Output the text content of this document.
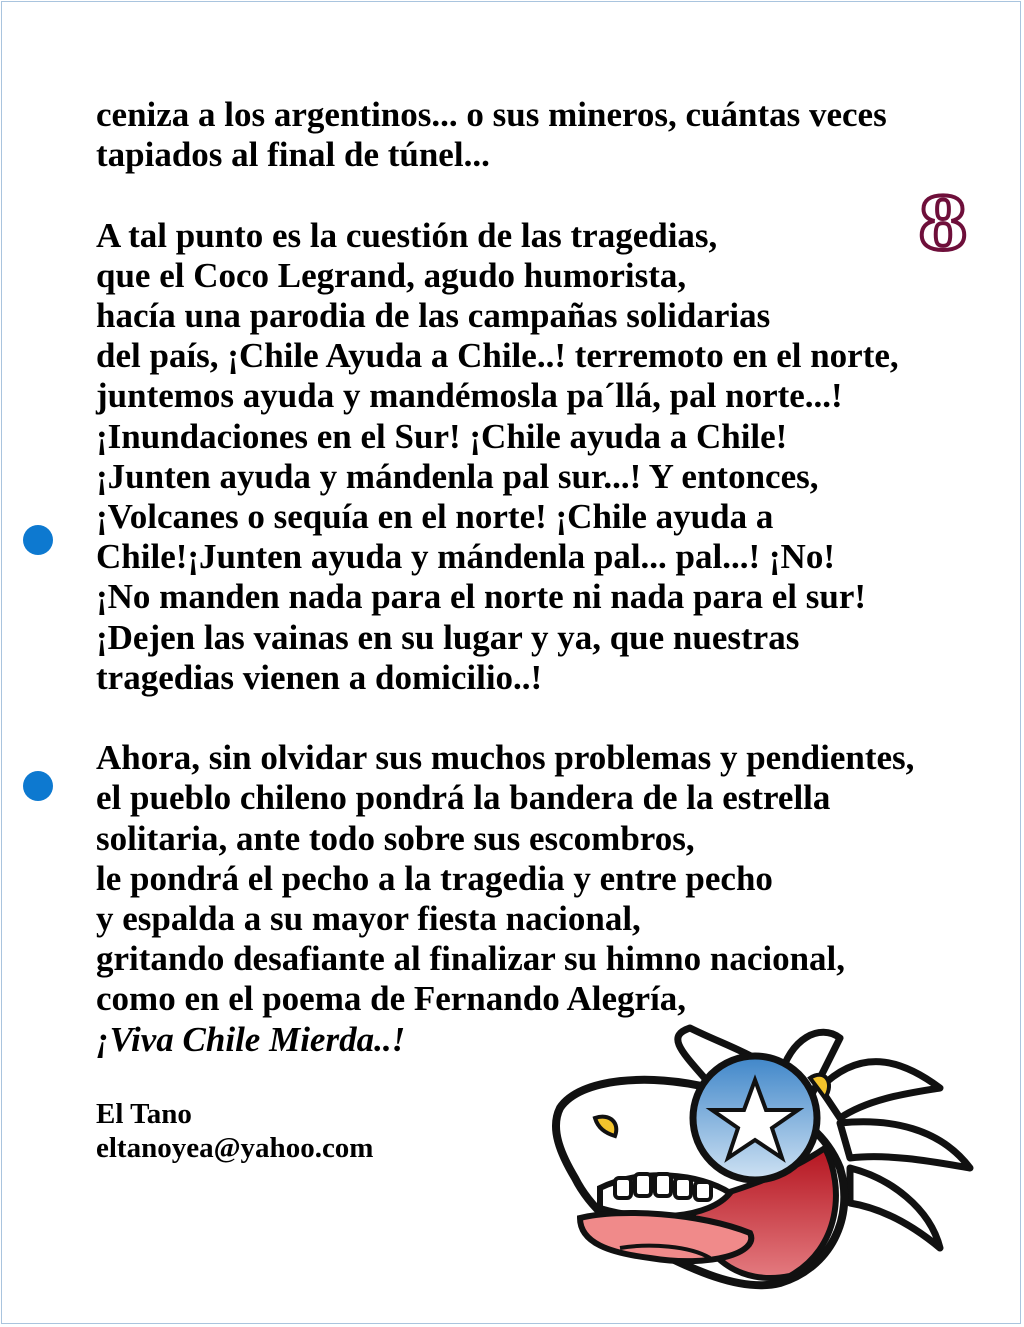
8
ceniza a los argentinos... o sus mineros, cuántas veces
tapiados al final de túnel...
A tal punto es la cuestión de las tragedias,
que el Coco Legrand, agudo humorista,
hacía una parodia de las campañas solidarias
del país, ¡Chile Ayuda a Chile..! terremoto en el norte,
juntemos ayuda y mandémosla pa´llá, pal norte...!
¡Inundaciones en el Sur! ¡Chile ayuda a Chile!
¡Junten ayuda y mándenla pal sur...! Y entonces,
¡Volcanes o sequía en el norte! ¡Chile ayuda a
Chile!¡Junten ayuda y mándenla pal... pal...! ¡No!
¡No manden nada para el norte ni nada para el sur!
¡Dejen las vainas en su lugar y ya, que nuestras
tragedias vienen a domicilio..!
Ahora, sin olvidar sus muchos problemas y pendientes,
el pueblo chileno pondrá la bandera de la estrella
solitaria, ante todo sobre sus escombros,
le pondrá el pecho a la tragedia y entre pecho
y espalda a su mayor fiesta nacional,
gritando desafiante al finalizar su himno nacional,
como en el poema de Fernando Alegría,
¡Viva Chile Mierda..!
El Tano
eltanoyea@yahoo.com
